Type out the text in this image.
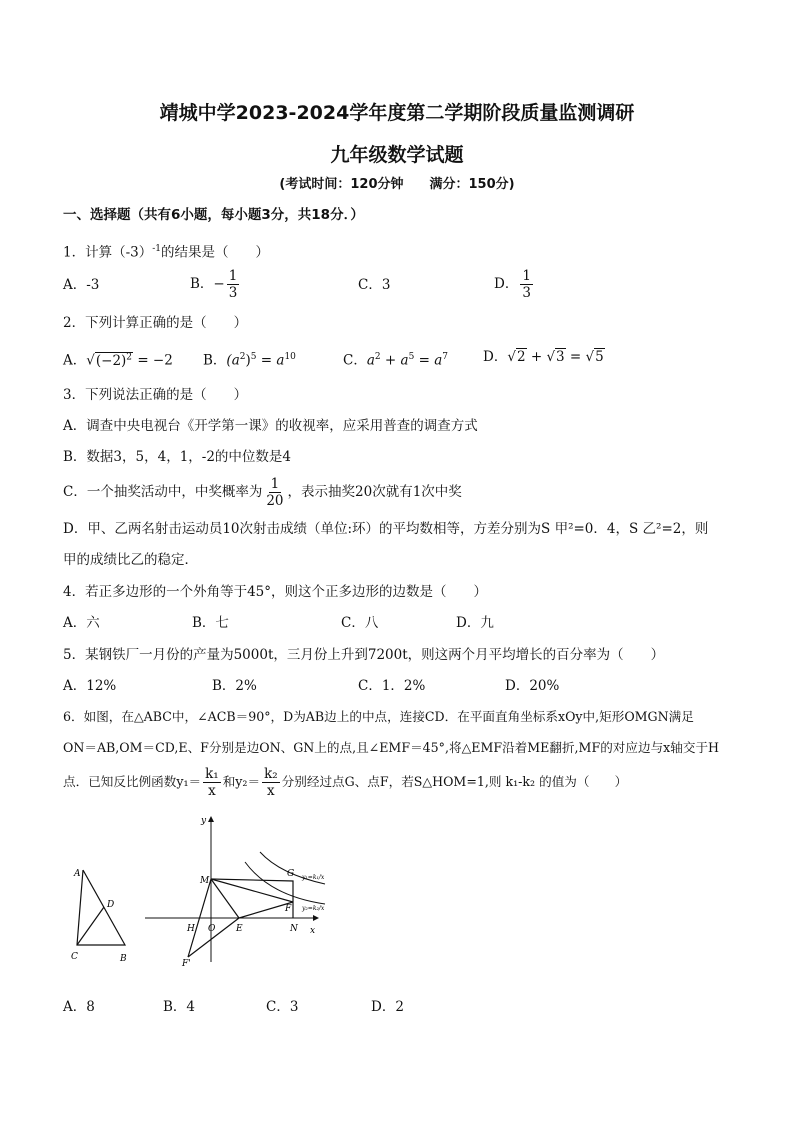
靖城中学2023-2024学年度第二学期阶段质量监测调研
九年级数学试题
(考试时间：120分钟　　满分：150分)
一、选择题（共有6小题，每小题3分，共18分．）
1．计算$(-3)^{-1}$的结果是（　　）
A．-3	B．− $\frac{1}{3}$	C．3	D． $\frac{1}{3}$
2．下列计算正确的是（　　）
A．$√(-2)^2 = -2$ B．$(a^2)^5 = a^{10}$	C．$a^2 + a^5 = a^7$	D．√2 + √3 = √5
3．下列说法正确的是（　　）
A．调查中央电视台《开学第一课》的收视率，应采用普查的调查方式
B．数据3，5，4，1，-2的中位数是4
C．一个抽奖活动中，中奖概率为 $\frac{1}{20}$ ，表示抽奖20次就有1次中奖
D．甲、乙两名射击运动员10次射击成绩（单位:环）的平均数相等，方差分别为S 甲²=0．4，S 乙²=2，则
甲的成绩比乙的稳定．
4．若正多边形的一个外角等于45°，则这个正多边形的边数是（　　）
A．六	B．七	C．八	D．九
5．某钢铁厂一月份的产量为5000t，三月份上升到7200t，则这两个月平均增长的百分率为（　　）
A．12%	B．2%	C．1．2%	D．20%
6．如图，在△ABC中，∠ACB＝90°，D为AB边上的中点，连接CD．在平面直角坐标系xOy中,矩形OMGN满足
ON＝AB,OM＝CD,E、F分别是边ON、GN上的点,且∠EMF＝45°,将△EMF沿着ME翻折,MF的对应边与x轴交于H
点．已知反比例函数$y_1= \frac{\text{k₁}}{x}$ 和$y_2= \frac{\text{k₂}}{x}$ 分别经过点G、点F，若S△HOM=1,则 k₁-k₂ 的值为（　　）
A
D
C	B
y
M
G
F
H O E	N x
F'
y₁=k₁/x
y₂=k₂/x
A．8	B．4	C．3	D．2
